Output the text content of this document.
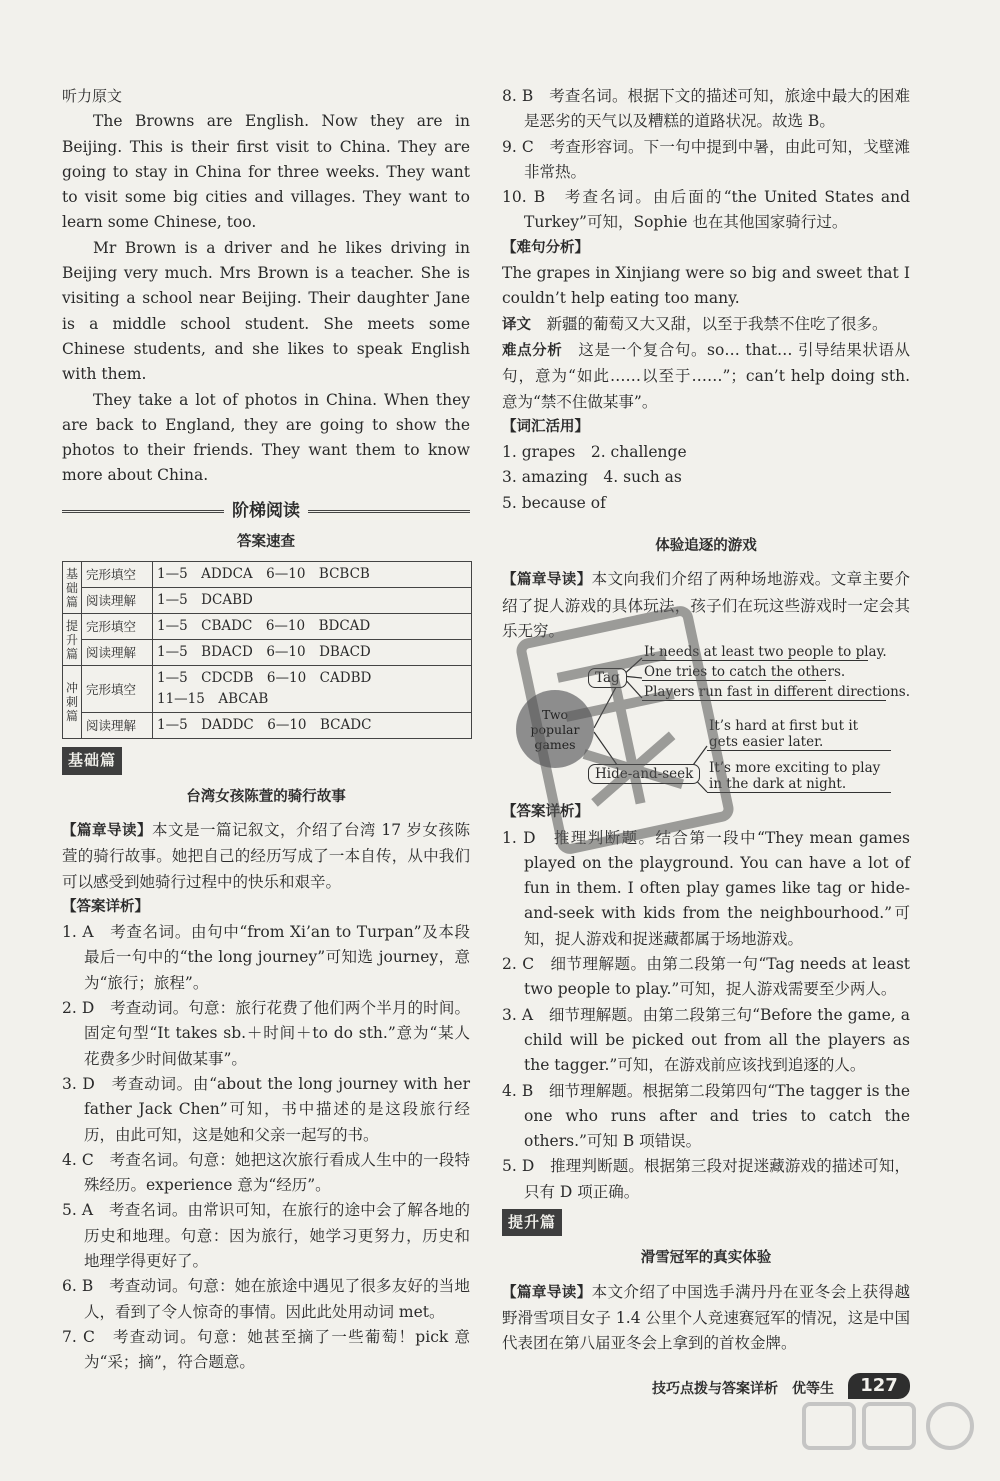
听力原文

The Browns are English. Now they are in Beijing. This is their first visit to China. They are going to stay in China for three weeks. They want to visit some big cities and villages. They want to learn some Chinese, too.

Mr Brown is a driver and he likes driving in Beijing very much. Mrs Brown is a teacher. She is visiting a school near Beijing. Their daughter Jane is a middle school student. She meets some Chinese students, and she likes to speak English with them.

They take a lot of photos in China. When they are back to England, they are going to show the photos to their friends. They want them to know more about China.

阶梯阅读
答案速查
基础篇	完形填空	1—5　ADDCA　6—10　BCBCB
	阅读理解	1—5　DCABD
提升篇	完形填空	1—5　CBADC　6—10　BDCAD
	阅读理解	1—5　BDACD　6—10　DBACD
冲刺篇	完形填空	1—5　CDCDB　6—10　CADBD
11—15　ABCAB

	阅读理解	1—5　DADDC　6—10　BCADC
基础篇
台湾女孩陈萱的骑行故事

【篇章导读】本文是一篇记叙文，介绍了台湾 17 岁女孩陈萱的骑行故事。她把自己的经历写成了一本自传，从中我们可以感受到她骑行过程中的快乐和艰辛。

【答案详析】

1. A　考查名词。由句中“from Xi’an to Turpan”及本段最后一句中的“the long journey”可知选 journey，意为“旅行；旅程”。

2. D　考查动词。句意：旅行花费了他们两个半月的时间。固定句型“It takes sb.＋时间＋to do sth.”意为“某人花费多少时间做某事”。

3. D　考查动词。由“about the long journey with her father Jack Chen”可知，书中描述的是这段旅行经历，由此可知，这是她和父亲一起写的书。

4. C　考查名词。句意：她把这次旅行看成人生中的一段特殊经历。experience 意为“经历”。

5. A　考查名词。由常识可知，在旅行的途中会了解各地的历史和地理。句意：因为旅行，她学习更努力，历史和地理学得更好了。

6. B　考查动词。句意：她在旅途中遇见了很多友好的当地人，看到了令人惊奇的事情。因此此处用动词 met。

7. C　考查动词。句意：她甚至摘了一些葡萄！pick 意为“采；摘”，符合题意。

8. B　考查名词。根据下文的描述可知，旅途中最大的困难是恶劣的天气以及糟糕的道路状况。故选 B。

9. C　考查形容词。下一句中提到中暑，由此可知，戈壁滩非常热。

10. B　考查名词。由后面的“the United States and Turkey”可知，Sophie 也在其他国家骑行过。

【难句分析】

The grapes in Xinjiang were so big and sweet that I couldn’t help eating too many.

译文　 新疆的葡萄又大又甜，以至于我禁不住吃了很多。

难点分析　 这是一个复合句。so… that… 引导结果状语从句，意为“如此……以至于……”；can’t help doing sth. 意为“禁不住做某事”。

【词汇活用】

1. grapes　2. challenge

3. amazing　4. such as

5. because of

体验追逐的游戏

【篇章导读】本文向我们介绍了两种场地游戏。文章主要介绍了捉人游戏的具体玩法，孩子们在玩这些游戏时一定会其乐无穷。

Two popular games
Tag
Hide-and-seek
It needs at least two people to play.
One tries to catch the others.
Players run fast in different directions.
It’s hard at first but it gets easier later.
It’s more exciting to play in the dark at night.

【答案详析】

1. D　推理判断题。结合第一段中“They mean games played on the playground. You can have a lot of fun in them. I often play games like tag or hide-and-seek with kids from the neighbourhood.”可知，捉人游戏和捉迷藏都属于场地游戏。

2. C　细节理解题。由第二段第一句“Tag needs at least two people to play.”可知，捉人游戏需要至少两人。

3. A　细节理解题。由第二段第三句“Before the game, a child will be picked out from all the players as the tagger.”可知，在游戏前应该找到追逐的人。

4. B　细节理解题。根据第二段第四句“The tagger is the one who runs after and tries to catch the others.”可知 B 项错误。

5. D　推理判断题。根据第三段对捉迷藏游戏的描述可知，只有 D 项正确。

提升篇
滑雪冠军的真实体验

【篇章导读】本文介绍了中国选手满丹丹在亚冬会上获得越野滑雪项目女子 1.4 公里个人竞速赛冠军的情况，这是中国代表团在第八届亚冬会上拿到的首枚金牌。

技巧点拨与答案详析　优等生	127
